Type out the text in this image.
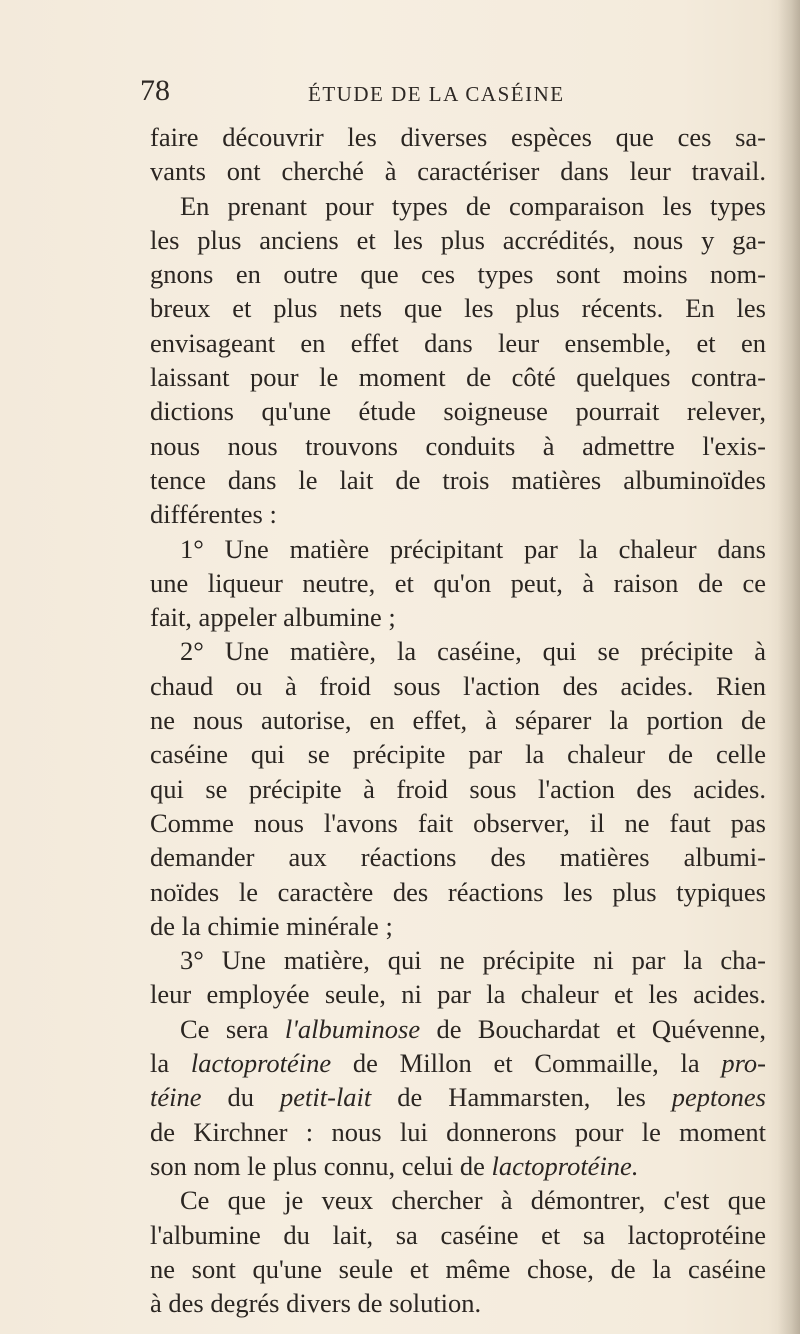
78	ÉTUDE DE LA CASÉINE
faire découvrir les diverses espèces que ces sa-
vants ont cherché à caractériser dans leur travail.
En prenant pour types de comparaison les types
les plus anciens et les plus accrédités, nous y ga-
gnons en outre que ces types sont moins nom-
breux et plus nets que les plus récents. En les
envisageant en effet dans leur ensemble, et en
laissant pour le moment de côté quelques contra-
dictions qu'une étude soigneuse pourrait relever,
nous nous trouvons conduits à admettre l'exis-
tence dans le lait de trois matières albuminoïdes
différentes :
1° Une matière précipitant par la chaleur dans
une liqueur neutre, et qu'on peut, à raison de ce
fait, appeler albumine ;
2° Une matière, la caséine, qui se précipite à
chaud ou à froid sous l'action des acides. Rien
ne nous autorise, en effet, à séparer la portion de
caséine qui se précipite par la chaleur de celle
qui se précipite à froid sous l'action des acides.
Comme nous l'avons fait observer, il ne faut pas
demander aux réactions des matières albumi-
noïdes le caractère des réactions les plus typiques
de la chimie minérale ;
3° Une matière, qui ne précipite ni par la cha-
leur employée seule, ni par la chaleur et les acides.
Ce sera l'albuminose de Bouchardat et Quévenne,
la lactoprotéine de Millon et Commaille, la pro-
téine du petit-lait de Hammarsten, les peptones
de Kirchner : nous lui donnerons pour le moment
son nom le plus connu, celui de lactoprotéine.
Ce que je veux chercher à démontrer, c'est que
l'albumine du lait, sa caséine et sa lactoprotéine
ne sont qu'une seule et même chose, de la caséine
à des degrés divers de solution.
